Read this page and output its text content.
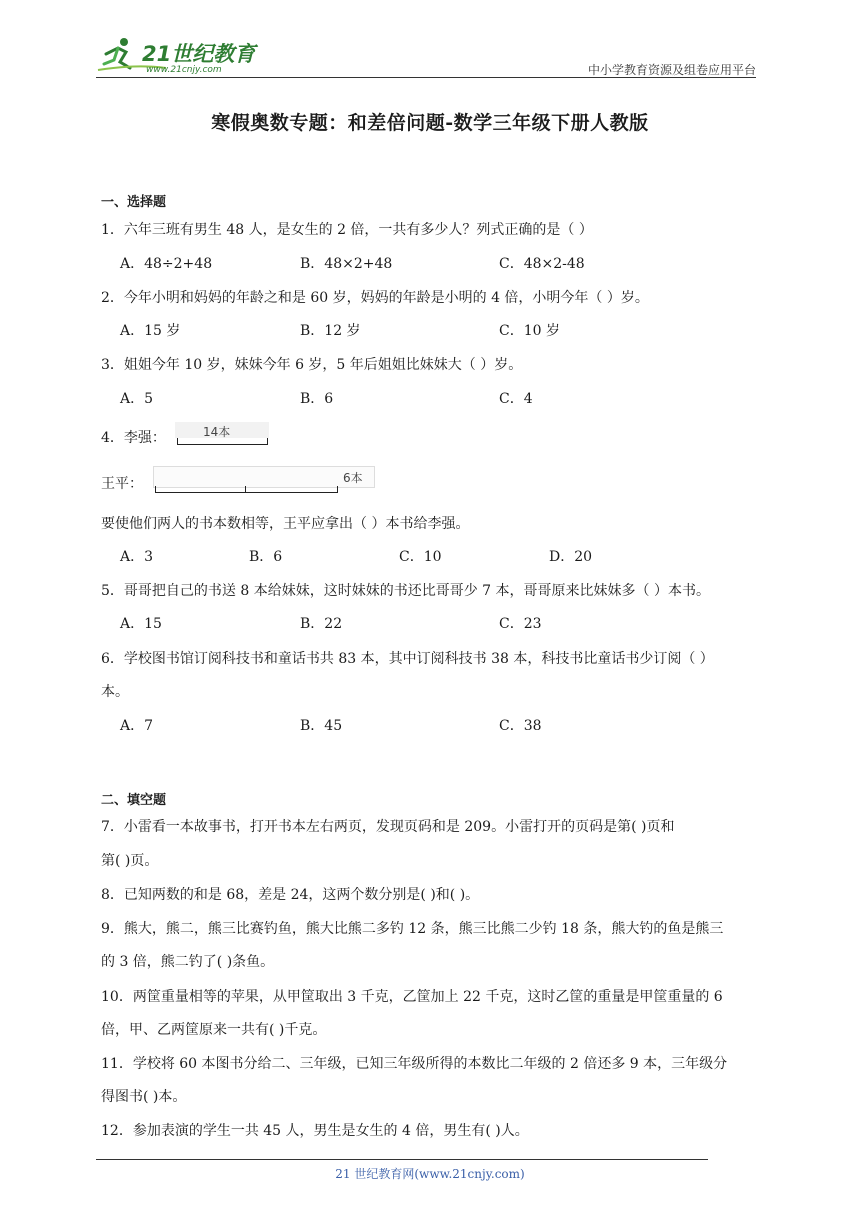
21世纪教育
www.21cnjy.com	中小学教育资源及组卷应用平台
寒假奥数专题：和差倍问题-数学三年级下册人教版
一、选择题
1．六年三班有男生 48 人，是女生的 2 倍，一共有多少人？列式正确的是（ ）
A．48÷2+48	B．48×2+48	C．48×2-48
2．今年小明和妈妈的年龄之和是 60 岁，妈妈的年龄是小明的 4 倍，小明今年（ ）岁。
A．15 岁	B．12 岁	C．10 岁
3．姐姐今年 10 岁，妹妹今年 6 岁，5 年后姐姐比妹妹大（ ）岁。
A．5	B．6	C．4
4．李强：	14本
王平：	6本
要使他们两人的书本数相等，王平应拿出（ ）本书给李强。
A．3	B．6	C．10	D．20
5．哥哥把自己的书送 8 本给妹妹，这时妹妹的书还比哥哥少 7 本，哥哥原来比妹妹多（ ）本书。
A．15	B．22	C．23
6．学校图书馆订阅科技书和童话书共 83 本，其中订阅科技书 38 本，科技书比童话书少订阅（ ）
本。
A．7	B．45	C．38
二、填空题
7．小雷看一本故事书，打开书本左右两页，发现页码和是 209。小雷打开的页码是第( )页和
第( )页。
8．已知两数的和是 68，差是 24，这两个数分别是( )和( )。
9．熊大，熊二，熊三比赛钓鱼，熊大比熊二多钓 12 条，熊三比熊二少钓 18 条，熊大钓的鱼是熊三
的 3 倍，熊二钓了( )条鱼。
10．两筐重量相等的苹果，从甲筐取出 3 千克，乙筐加上 22 千克，这时乙筐的重量是甲筐重量的 6
倍，甲、乙两筐原来一共有( )千克。
11．学校将 60 本图书分给二、三年级，已知三年级所得的本数比二年级的 2 倍还多 9 本，三年级分
得图书( )本。
12．参加表演的学生一共 45 人，男生是女生的 4 倍，男生有( )人。
21 世纪教育网(www.21cnjy.com)
